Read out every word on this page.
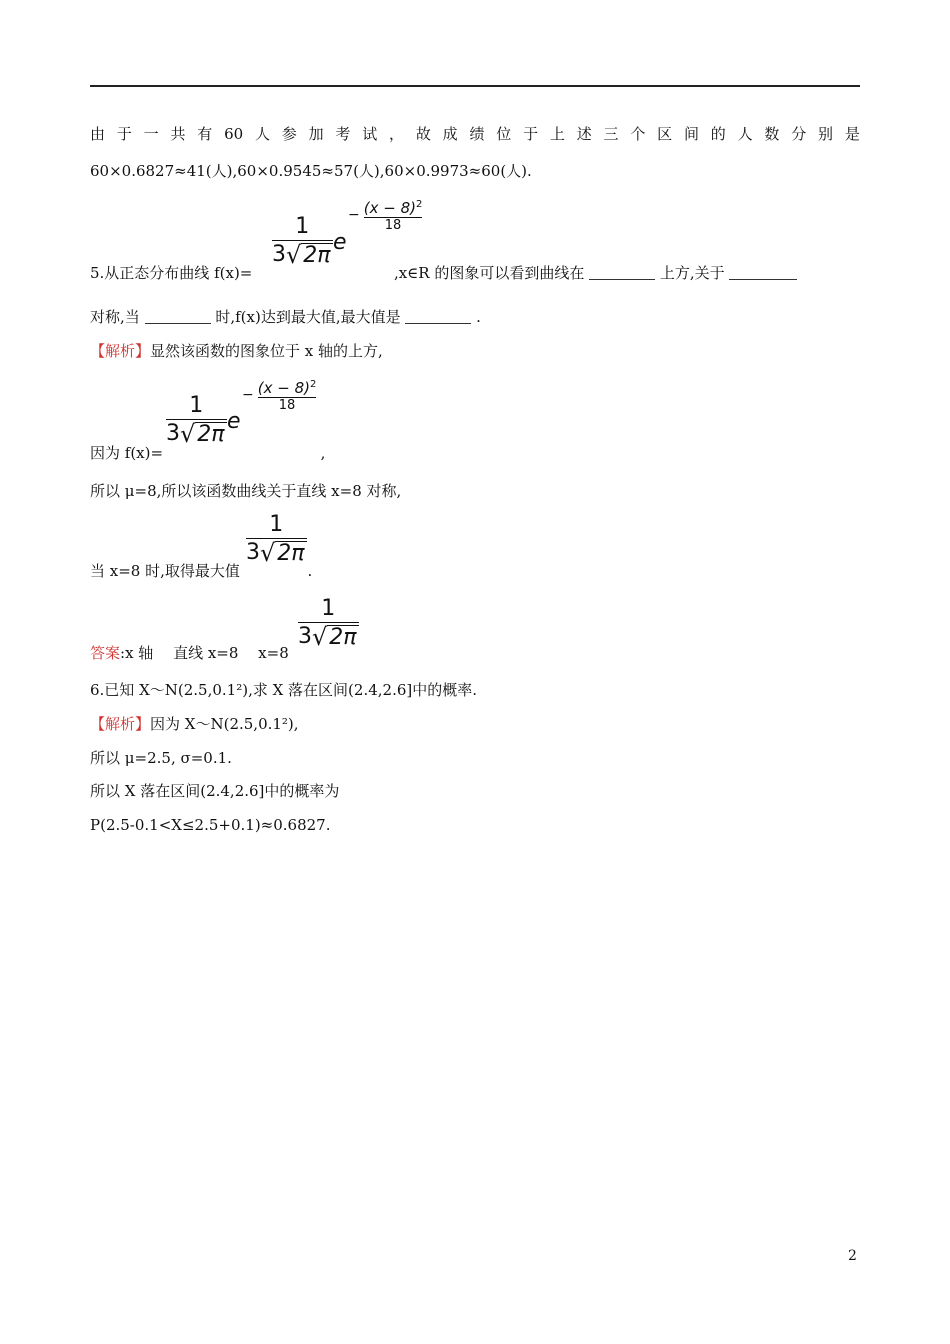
由 于 一 共 有 60 人 参 加 考 试 ， 故 成 绩 位 于 上 述 三 个 区 间 的 人 数 分 别 是
60×0.6827≈41(人),60×0.9545≈57(人),60×0.9973≈60(人).
$\frac{1}{3 √ 2\pi}$ e
− $(x - 8)^2$
18
5.从正态分布曲线 f(x)=	,x∈R 的图象可以看到曲线在	上方,关于
对称,当	时,f(x)达到最大值,最大值是	.
【解析】显然该函数的图象位于 x 轴的上方,
$\frac{1}{3 √ 2\pi}$ e
− $(x - 8)^2$
18
因为 f(x)=	,
所以 μ=8,所以该函数曲线关于直线 x=8 对称,
$\frac{1}{3 √ 2\pi}$
当 x=8 时,取得最大值	.
$\frac{1}{3 √ 2\pi}$
答案:x 轴　 直线 x=8　 x=8　
6.已知 X～N(2.5,0.1²),求 X 落在区间(2.4,2.6]中的概率.
【解析】因为 X～N(2.5,0.1²),
所以 μ=2.5, σ=0.1.
所以 X 落在区间(2.4,2.6]中的概率为
P(2.5-0.1<X≤2.5+0.1)≈0.6827.
2
